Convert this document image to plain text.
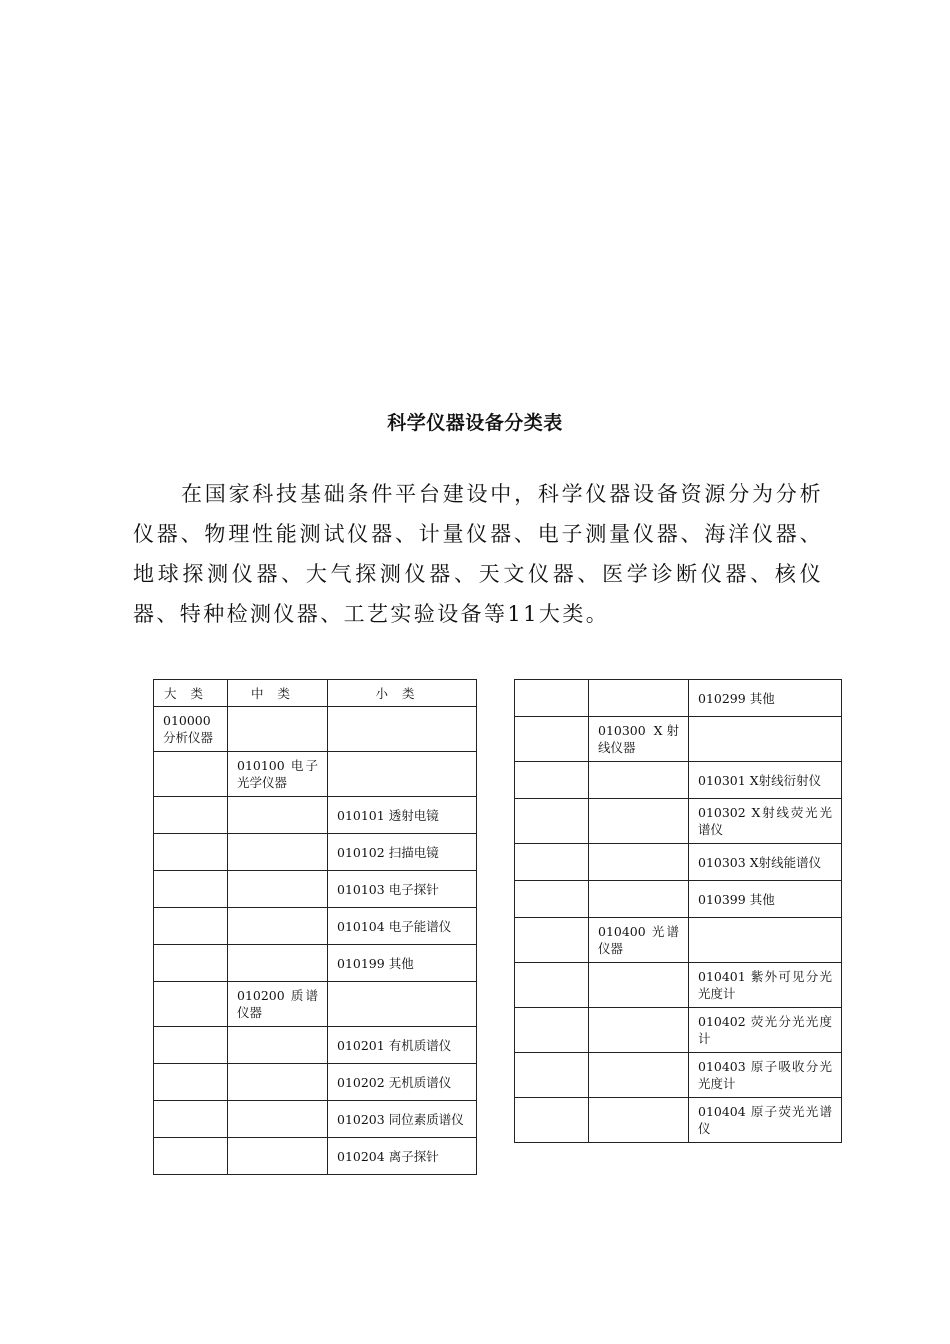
科学仪器设备分类表

在国家科技基础条件平台建设中，科学仪器设备资源分为分析仪器、物理性能测试仪器、计量仪器、电子测量仪器、海洋仪器、地球探测仪器、大气探测仪器、天文仪器、医学诊断仪器、核仪器、特种检测仪器、工艺实验设备等11大类。

大类	中类	小类
010000分析仪器		
	010100 电子光学仪器	
		010101 透射电镜
		010102 扫描电镜
		010103 电子探针
		010104 电子能谱仪
		010199 其他
	010200 质谱仪器	
		010201 有机质谱仪
		010202 无机质谱仪
		010203 同位素质谱仪
		010204 离子探针
		010299 其他
	010300 X射线仪器	
		010301 X射线衍射仪
		010302 X射线荧光光谱仪
		010303 X射线能谱仪
		010399 其他
	010400 光谱仪器	
		010401 紫外可见分光光度计
		010402 荧光分光光度计
		010403 原子吸收分光光度计
		010404 原子荧光光谱仪
